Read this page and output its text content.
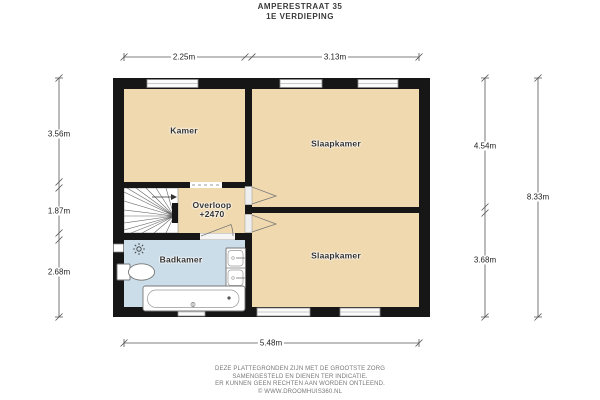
AMPERESTRAAT 35
1E VERDIEPING
Kamer
Slaapkamer
Slaapkamer
Overloop
+2470
Badkamer
2.25m	3.13m
3.56m
1.87m
2.68m
4.54m
3.68m
8.33m
5.48m
DEZE PLATTEGRONDEN ZIJN MET DE GROOTSTE ZORG
SAMENGESTELD EN DIENEN TER INDICATIE.
ER KUNNEN GEEN RECHTEN AAN WORDEN ONTLEEND.
© WWW.DROOMHUIS360.NL
